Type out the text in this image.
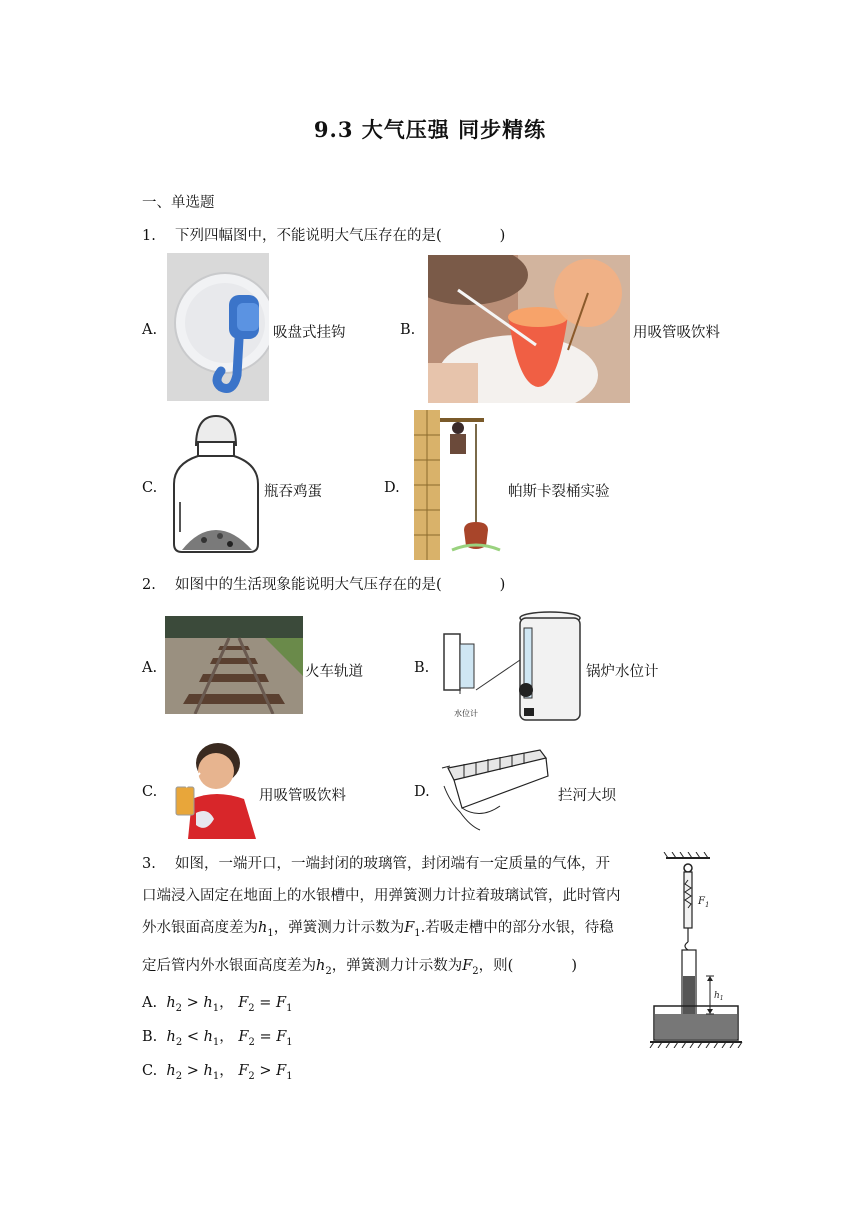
9.3 大气压强 同步精练
一、单选题
1.　 下列四幅图中，不能说明大气压存在的是(　　　　)
A.	吸盘式挂钩	B.	用吸管吸饮料
C.	瓶吞鸡蛋	D.	帕斯卡裂桶实验
2.　 如图中的生活现象能说明大气压存在的是(　　　　)
A.	火车轨道	B.
水位计
锅炉水位计
C.	用吸管吸饮料	D.	拦河大坝
3.　 如图，一端开口，一端封闭的玻璃管，封闭端有一定质量的气体，开
口端浸入固定在地面上的水银槽中，用弹簧测力计拉着玻璃试管，此时管内
外水银面高度差为$h_1$，弹簧测力计示数为$F_1$.若吸走槽中的部分水银，待稳
定后管内外水银面高度差为$h_2$，弹簧测力计示数为$F_2$，则(　　　　)
A. $h_2 > h_1$， $F_2 = F_1$
B. $h_2 < h_1$， $F_2 = F_1$
C. $h_2 > h_1$， $F_2 > F_1$
$F_1$
$h_1$
